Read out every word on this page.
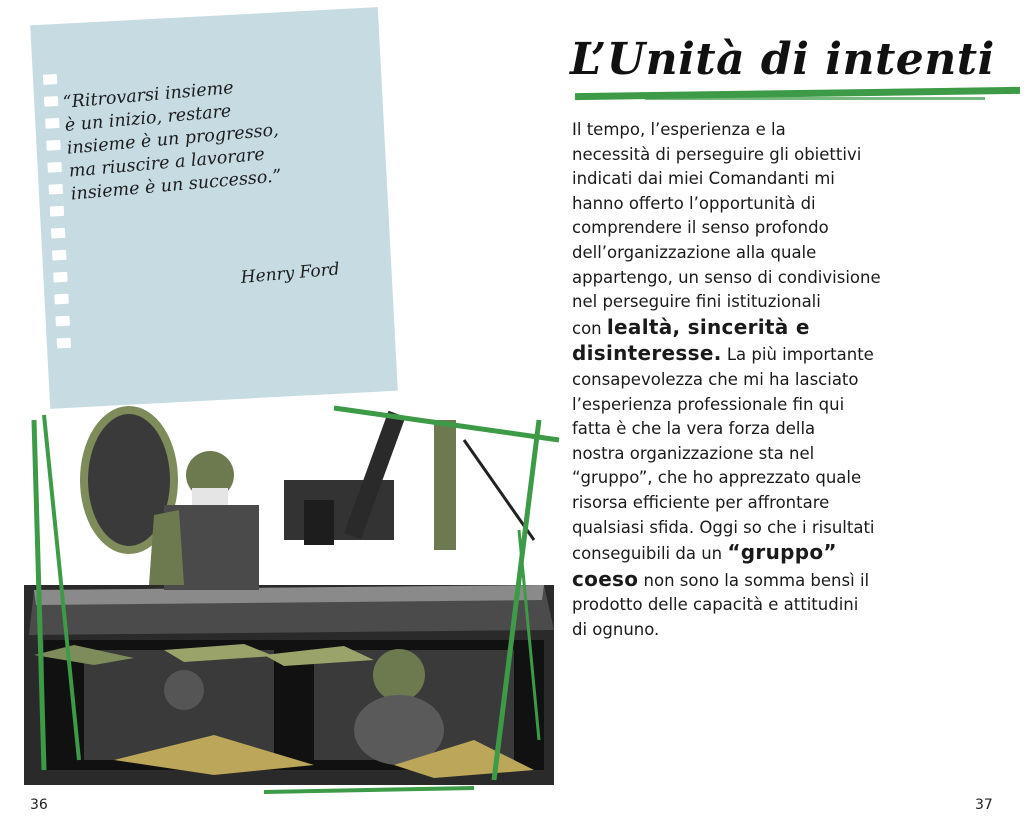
“Ritrovarsi insieme
è un inizio, restare
insieme è un progresso,
ma riuscire a lavorare
insieme è un successo.”

Henry Ford
36
L’Unità di intenti
Il tempo, l’esperienza e la
necessità di perseguire gli obiettivi
indicati dai miei Comandanti mi
hanno offerto l’opportunità di
comprendere il senso profondo
dell’organizzazione alla quale
appartengo, un senso di condivisione
nel perseguire fini istituzionali
con lealtà, sincerità e
disinteresse. La più importante
consapevolezza che mi ha lasciato
l’esperienza professionale fin qui
fatta è che la vera forza della
nostra organizzazione sta nel
“gruppo”, che ho apprezzato quale
risorsa efficiente per affrontare
qualsiasi sfida. Oggi so che i risultati
conseguibili da un “gruppo”
coeso non sono la somma bensì il
prodotto delle capacità e attitudini
di ognuno.
37
